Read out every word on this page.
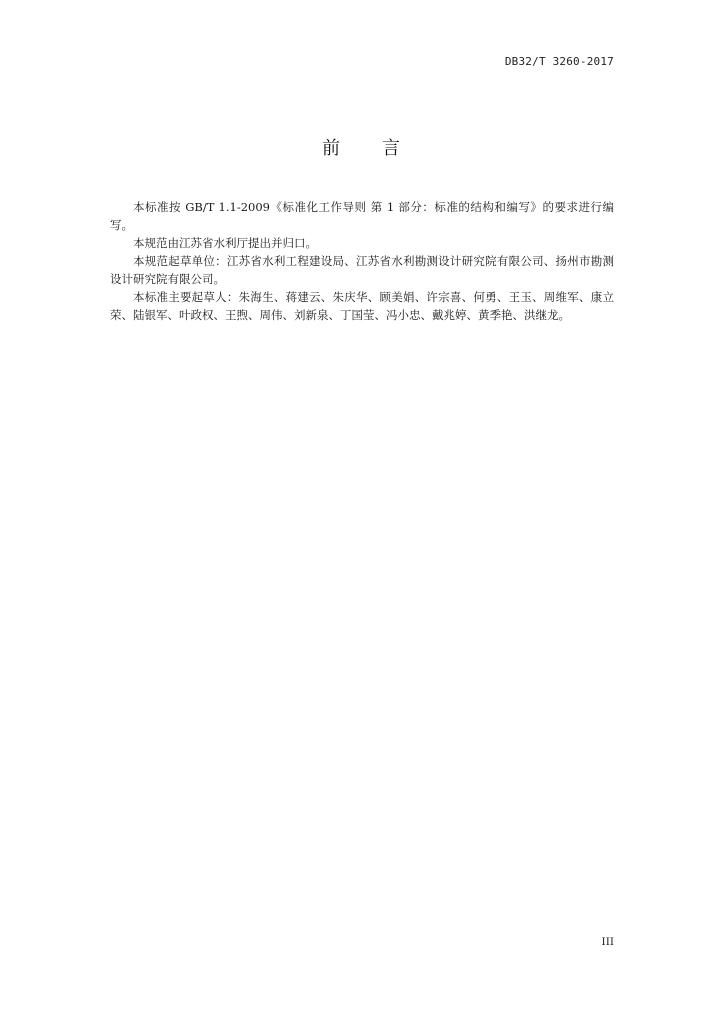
DB32/T 3260-2017
前 言

本标准按 GB/T 1.1-2009《标准化工作导则 第 1 部分：标准的结构和编写》的要求进行编写。

本规范由江苏省水利厅提出并归口。

本规范起草单位：江苏省水利工程建设局、江苏省水利勘测设计研究院有限公司、扬州市勘测设计研究院有限公司。

本标准主要起草人：朱海生、蒋建云、朱庆华、顾美娟、许宗喜、何勇、王玉、周维军、康立荣、陆银军、叶政权、王煦、周伟、刘新泉、丁国莹、冯小忠、戴兆婷、黄季艳、洪继龙。

III
